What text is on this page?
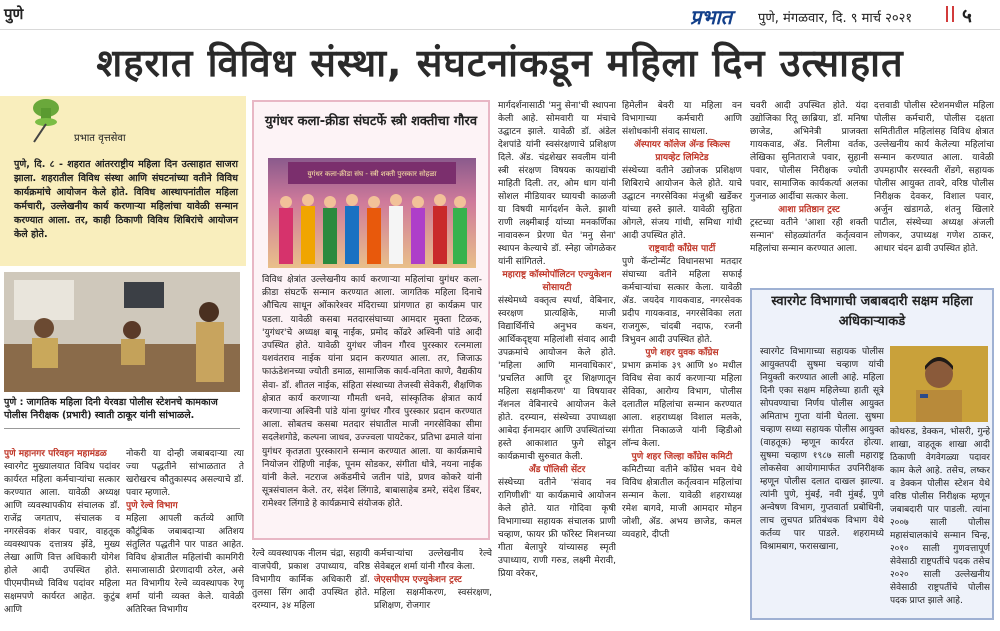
पुणे	प्रभात पुणे, मंगळवार, दि. ९ मार्च २०२१	५
शहरात विविध संस्था, संघटनांकडून महिला दिन उत्साहात
प्रभात वृत्तसेवा
पुणे, दि. ८ - शहरात आंतरराष्ट्रीय महिला दिन उत्साहात साजरा झाला. शहरातील विविध संस्था आणि संघटनांच्या वतीने विविध कार्यक्रमांचे आयोजन केले होते. विविध आस्थापनांतील महिला कर्मचारी, उल्लेखनीय कार्य करणाऱ्या महिलांचा यावेळी सन्मान करण्यात आला. तर, काही ठिकाणी विविध शिबिरांचे आयोजन केले होते.
पुणे : जागतिक महिला दिनी येरवडा पोलीस स्टेशनचे कामकाज पोलीस निरीक्षक (प्रभारी) स्वाती ठाकूर यांनी सांभाळले.
पुणे महानगर परिवहन महामंडळ
स्वारगेट मुख्यालयात विविध पदांवर कार्यरत महिला कर्मचाऱ्यांचा सत्कार करण्यात आला. यावेळी अध्यक्ष आणि व्यवस्थापकीय संचालक डॉ. राजेंद्र जगताप, संचालक व नगरसेवक शंकर पवार, वाहतूक व्यवस्थापक दत्तात्रय झेंडे, मुख्य लेखा आणि वित्त अधिकारी योगेश होले आदी उपस्थित होते. पीएमपीमध्ये विविध पदांवर महिला सक्षमपणे कार्यरत आहेत. कुटुंब आणि
नोकरी या दोन्ही जबाबदाऱ्या त्या ज्या पद्धतीने सांभाळतात ते खरोखरच कौतुकास्पद असल्याचे डॉ. पवार म्हणाले.
पुणे रेल्वे विभाग
महिला आपली कर्तव्ये आणि कौटुंबिक जबाबदाऱ्या अतिशय संतुलित पद्धतीने पार पाडत आहेत. विविध क्षेत्रातील महिलांची कामगिरी समाजासाठी प्रेरणादायी ठरेल, असे मत विभागीय रेल्वे व्यवस्थापक रेणू शर्मा यांनी व्यक्त केले. यावेळी अतिरिक्त विभागीय
युगंधर कला-क्रीडा संघटर्फे स्त्री शक्तीचा गौरव
युगंधर कला-क्रीडा संघ - स्त्री शक्ती पुरस्कार सोहळा
विविध क्षेत्रांत उल्लेखनीय कार्य करणाऱ्या महिलांचा युगंधर कला-क्रीडा संघटर्फे सन्मान करण्यात आला. जागतिक महिला दिनाचे औचित्य साधून ओंकारेश्वर मंदिराच्या प्रांगणात हा कार्यक्रम पार पडला. यावेळी कसबा मतदारसंघाच्या आमदार मुक्ता टिळक, 'युगंधर'चे अध्यक्ष बाबू नाईक, प्रमोद कोंढरे अश्विनी पांडे आदी उपस्थित होते. यावेळी युगंधर जीवन गौरव पुरस्कार रत्नमाला यशवंतराव नाईक यांना प्रदान करण्यात आला. तर, जिजाऊ फाऊंडेशनच्या ज्योती डमाळ, सामाजिक कार्य-वनिता काणे, वैद्यकीय सेवा- डॉ. शीतल नाईक, संहिता संस्थाच्या तेजस्वी सेवेकरी, शैक्षणिक क्षेत्रात कार्य करणाऱ्या गौमती धनवे, सांस्कृतिक क्षेत्रात कार्य करणाऱ्या अश्विनी पांडे यांना युगंधर गौरव पुरस्कार प्रदान करण्यात आला. सोबतच कसबा मतदार संघातील माजी नगरसेविका सीमा सदलेशगोडे, कल्पना जाधव, उज्ज्वला पायटेकर, प्रतिभा ढमाले यांना युगंधर कृतज्ञता पुरस्काराने सन्मान करण्यात आला. या कार्यक्रमाचे नियोजन रोहिणी नाईक, पूनम सोडकर, संगीता धोत्रे, नयना नाईक यांनी केले. नटराज अकॅडमीचे जतीन पांडे, प्रणव कोकरे यांनी सूत्रसंचालन केले. तर, संदेश लिंगाडे, बाबासाहेब डमरे, संदेश डिंबर, रामेश्वर लिंगाडे हे कार्यक्रमाचे संयोजक होते.
रेल्वे व्यवस्थापक नीलम चंद्रा, सहायी वाजपेयी, प्रकाश उपाध्याय, वरिष्ठ विभागीय कार्मिक अधिकारी डॉ. तुलसा सिंग आदी उपस्थित होते. दरम्यान, ३४ महिला
कर्मचाऱ्यांचा उल्लेखनीय रेल्वे सेवेबद्दल शर्मा यांनी गौरव केला.
जेएसपीएम एज्युकेशन ट्रस्ट
महिला सक्षमीकरण, स्वसंरक्षण, प्रशिक्षण, रोजगार
मार्गदर्शनासाठी 'मनु सेना'ची स्थापना केली आहे. सोमवारी या मंचाचे उद्घाटन झाले. यावेळी डॉ. अंडेल देशपांडे यांनी स्वसंरक्षणाचे प्रशिक्षण दिले. ॲड. चंद्रशेखर सवलीम यांनी स्त्री संरक्षण विषयक कायद्यांची माहिती दिली. तर, ओम धाग यांनी सोशल मीडियावर घ्यायची काळजी या विषयी मार्गदर्शन केले. झाशी राणी लक्ष्मीबाई यांच्या मनकर्णिका नावावरून प्रेरणा घेत 'मनु सेना' स्थापन केल्याचे डॉ. स्नेहा जोगळेकर यांनी सांगितले.
महाराष्ट्र कॉस्मोपॉलिटन एज्युकेशन सोसायटी
संस्थेमध्ये वक्तृत्व स्पर्धा, वेबिनार, स्वरक्षण प्रात्यक्षिके, माजी विद्यार्थिनींचे अनुभव कथन, आर्थिकदृष्ट्या महिलांशी संवाद आदी उपक्रमांचे आयोजन केले होते. 'महिला आणि मानवाधिकार', 'प्रचलित आणि दूर शिक्षणातून महिला सक्षमीकरण' या विषयावर नॅशनल वेबिनारचे आयोजन केले होते. दरम्यान, संस्थेच्या उपाध्यक्षा आबेदा ईनामदार आणि उपस्थितांच्या हस्ते आकाशात फुगे सोडून कार्यक्रमाची सुरुवात केली.
अँड पॉलिसी सेंटर
संस्थेच्या वतीने 'संवाद नव रागिणीशी' या कार्यक्रमाचे आयोजन केले होते. यात गोदिवा कृषी विभागाच्या सहायक संचालक प्राणी चव्हाण, फायर फ्री फॉरेस्ट मिशनच्या गीता बेलापुरे यांच्यासह स्मृती उपाध्याय, राणी गरुड, लक्ष्मी मेरावी, प्रिया वरेकर,
हिमेलीन बेवरी या महिला वन विभागाच्या कर्मचारी आणि संशोधकांनी संवाद साधला.
ॲस्पायर कॉलेज ॲन्ड स्किल्स प्रायव्हेट लिमिटेड
संस्थेच्या वतीने उद्योजक प्रशिक्षण शिबिराचे आयोजन केले होते. याचे उद्घाटन नगरसेविका मंजुश्री खर्डेकर यांच्या हस्ते झाले. यावेळी सुहिता ओगले, संजय गांधी, समिधा गांधी आदी उपस्थित होते.
राष्ट्रवादी कॉंग्रेस पार्टी
पुणे कॅन्टोन्मेंट विधानसभा मतदार संघाच्या वतीने महिला सफाई कर्मचाऱ्यांचा सत्कार केला. यावेळी ॲड. जयदेव गायकवाड, नगरसेवक प्रदीप गायकवाड, नगरसेविका लता राजगुरू, चांदबी नदाफ, रजनी त्रिभुवन आदी उपस्थित होते.
पुणे शहर युवक कॉंग्रेस
प्रभाग क्रमांक ३९ आणि ४० मधील विविध सेवा कार्य करणाऱ्या महिला सेविका, आरोग्य विभाग, पोलीस दलातील महिलांचा सन्मान करण्यात आला. शहराध्यक्ष विशाल मलके, संगीता निकाळजे यांनी व्हिडीओ लॉन्च केला.
पुणे शहर जिल्हा कॉंग्रेस कमिटी
कमिटीच्या वतीने कॉंग्रेस भवन येथे विविध क्षेत्रातील कर्तृत्ववान महिलांचा सन्मान केला. यावेळी शहराध्यक्ष रमेश बागवे, माजी आमदार मोहन जोशी, ॲड. अभय छाजेड, कमल व्यवहारे, दीप्ती
चवरी आदी उपस्थित होते. यंदा उद्योजिका रितू छाब्रिया, डॉ. मनिषा छाजेड, अभिनेत्री प्राजक्ता गायकवाड, ॲड. निलीमा वर्तक, लेखिका सुनिताराजे पवार, सुहानी पवार, पोलीस निरीक्षक ज्योती पवार, सामाजिक कार्यकर्त्या अलका गुजनाळ आदींचा सत्कार केला.
आशा प्रतिष्ठान ट्रस्ट
ट्रस्टच्या वतीने 'आशा रही शक्ती सन्मान' सोहळ्यांतर्गत कर्तृत्ववान महिलांचा सन्मान करण्यात आला.
दत्तवाडी पोलीस स्टेशनमधील महिला पोलीस कर्मचारी, पोलीस दक्षता समितीतील महिलांसह विविध क्षेत्रात उल्लेखनीय कार्य केलेल्या महिलांचा सन्मान करण्यात आला. यावेळी उपमहापौर सरस्वती शेंडगे, सहायक पोलीस आयुक्त तावरे, वरिष्ठ पोलीस निरीक्षक देवकर, विशाल पवार, अर्जुन खंडागळे, शंतनु खिलारे पाटील, संस्थेच्या अध्यक्ष अंजली लोणकर, उपाध्यक्ष गणेश ठाकर, आधार चंदन ढावी उपस्थित होते.
स्वारगेट विभागाची जबाबदारी सक्षम महिला अधिकाऱ्याकडे
स्वारगेट विभागाच्या सहायक पोलीस आयुक्तपदी सुषमा चव्हाण यांची नियुक्ती करण्यात आली आहे. महिला दिनी एका सक्षम महिलेच्या हाती सूत्रे सोपवण्याचा निर्णय पोलीस आयुक्त अमिताभ गुप्ता यांनी घेतला. सुषमा चव्हाण सध्या सहायक पोलीस आयुक्त (वाहतूक) म्हणून कार्यरत होत्या. सुषमा चव्हाण १९८७ साली महाराष्ट्र लोकसेवा आयोगामार्फत उपनिरीक्षक म्हणून पोलीस दलात दाखल झाल्या. त्यांनी पुणे, मुंबई, नवी मुंबई, पुणे अन्वेषण विभाग, गुप्तवार्ता प्रबोधिनी, लाच लुचपत प्रतिबंधक विभाग येथे कर्तव्य पार पाडले. शहरामध्ये विश्रामबाग, फरासखाना,
कोथरुड, डेक्कन, भोसरी, गुन्हे शाखा, वाहतूक शाखा आदी ठिकाणी वेगवेगळ्या पदावर काम केले आहे. तसेच, लष्कर व डेक्कन पोलीस स्टेशन येथे वरिष्ठ पोलीस निरीक्षक म्हणून जबाबदारी पार पाडली. त्यांना २००७ साली पोलीस महासंचालकांचे सन्मान चिन्ह, २०१० साली गुणवत्तापूर्ण सेवेसाठी राष्ट्रपतींचे पदक तसेच २०२० साली उल्लेखनीय सेवेसाठी राष्ट्रपतींचे पोलीस पदक प्राप्त झाले आहे.
